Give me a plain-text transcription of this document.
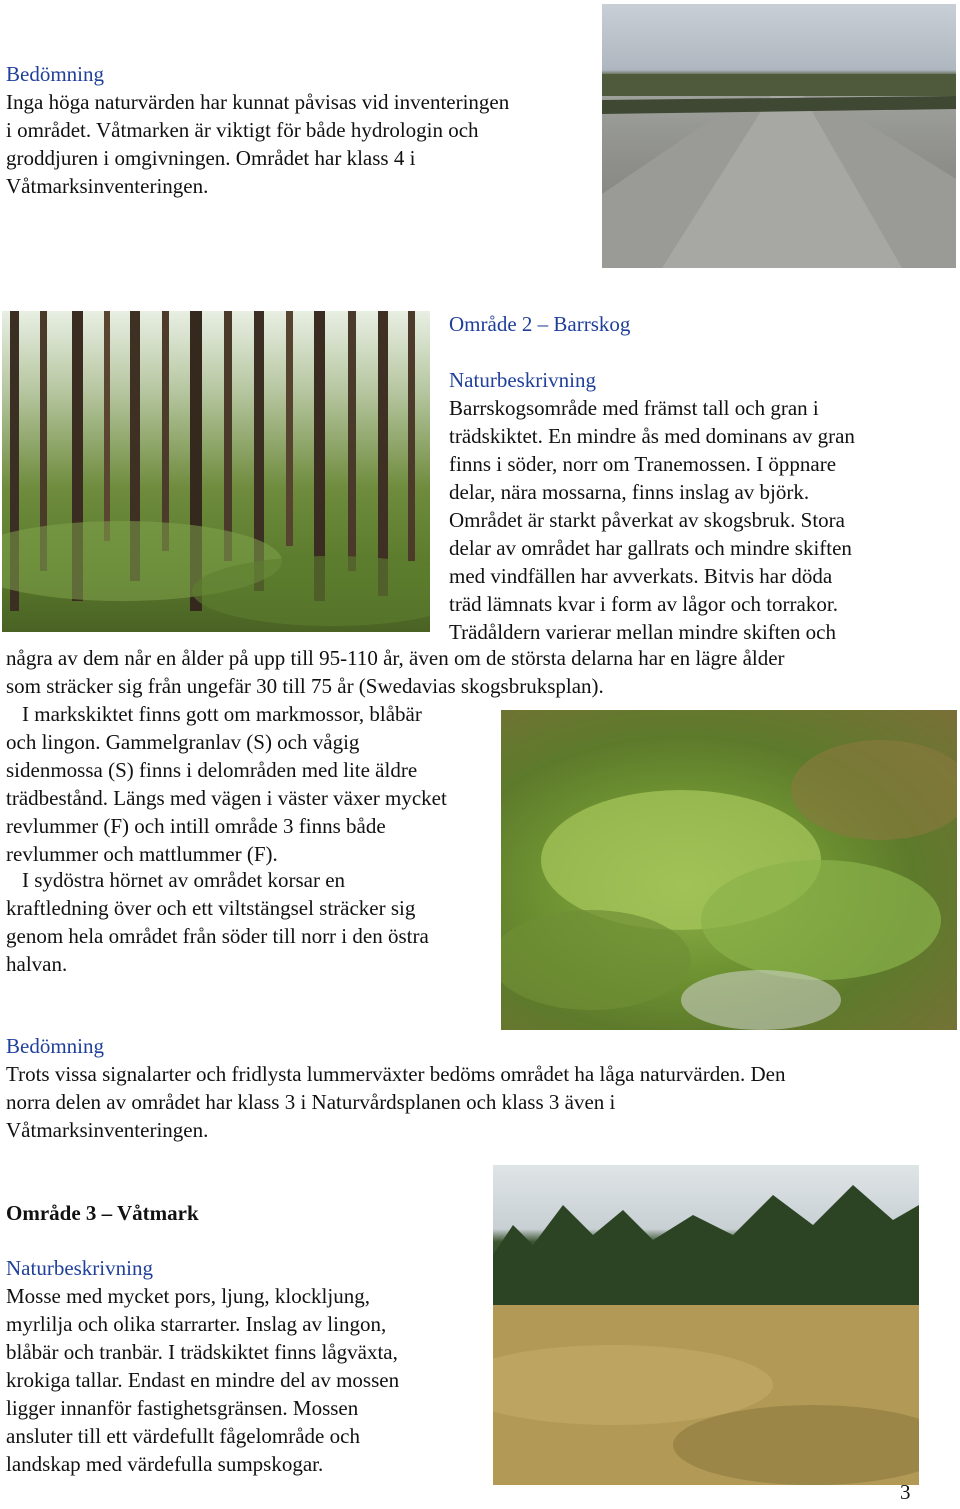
Bedömning
Inga höga naturvärden har kunnat påvisas vid inventeringen
i området. Våtmarken är viktigt för både hydrologin och
groddjuren i omgivningen. Området har klass 4 i
Våtmarksinventeringen.
Område 2 – Barrskog
Naturbeskrivning
Barrskogsområde med främst tall och gran i
trädskiktet. En mindre ås med dominans av gran
finns i söder, norr om Tranemossen. I öppnare
delar, nära mossarna, finns inslag av björk.
Området är starkt påverkat av skogsbruk. Stora
delar av området har gallrats och mindre skiften
med vindfällen har avverkats. Bitvis har döda
träd lämnats kvar i form av lågor och torrakor.
Trädåldern varierar mellan mindre skiften och
några av dem når en ålder på upp till 95-110 år, även om de största delarna har en lägre ålder
som sträcker sig från ungefär 30 till 75 år (Swedavias skogsbruksplan).
I markskiktet finns gott om markmossor, blåbär
och lingon. Gammelgranlav (S) och vågig
sidenmossa (S) finns i delområden med lite äldre
trädbestånd. Längs med vägen i väster växer mycket
revlummer (F) och intill område 3 finns både
revlummer och mattlummer (F).
I sydöstra hörnet av området korsar en
kraftledning över och ett viltstängsel sträcker sig
genom hela området från söder till norr i den östra
halvan.
Bedömning
Trots vissa signalarter och fridlysta lummerväxter bedöms området ha låga naturvärden. Den
norra delen av området har klass 3 i Naturvårdsplanen och klass 3 även i
Våtmarksinventeringen.
Område 3 – Våtmark
Naturbeskrivning
Mosse med mycket pors, ljung, klockljung,
myrlilja och olika starrarter. Inslag av lingon,
blåbär och tranbär. I trädskiktet finns lågväxta,
krokiga tallar. Endast en mindre del av mossen
ligger innanför fastighetsgränsen. Mossen
ansluter till ett värdefullt fågelområde och
landskap med värdefulla sumpskogar.
3
